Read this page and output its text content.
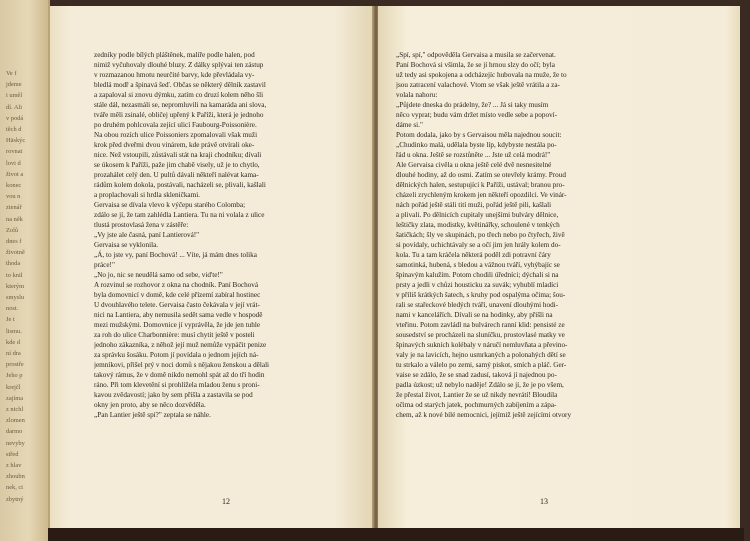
Ve f
jdeme
i uměl
dí. Ali
v podá
těch d
Häskýc
rovnat
lovi d
život a
konec
vou n
ztenář
na něk
Zolů
dnes f
životně
thoda
to knil
kterým
smyslu
nost.
Je t
lismu.
kde d
ní dra
prostře
Jeho p
krejčl
zajíma
z nichl
zlomen
darmo
nevyby
střed
z hlav
zhoubn
nek, ct
zbytný
zedníky podle bílých pláštěnek, malíře podle halen, pod
nimiž vyčuhovaly dlouhé bluzy. Z dálky splývai ten zástup
v rozmazanou hmotu neurčité barvy, kde převládala vy-
bledlá modř a špinavá šeď. Občas se některý dělník zastavil
a zapaloval si znovu dýmku, zatím co druzí kolem něho šli
stále dál, nezasmáli se, nepromluvili na kamaráda ani slova,
tváře měli zsinalé, obličej upřený k Paříži, která je jednoho
po druhém pohlcovala zející ulicí Faubourg-Poissonière.
Na obou rozích ulice Poissoniers zpomalovali však muži
krok před dveřmi dvou vinárem, kde právě otvírali oke-
nice. Než vstoupili, zůstávali stát na kraji chodníku; dívali
se úkosem k Paříži, paže jim chabě visely, už je to chytlo,
prozahálet celý den. U pultů dávali někteří nalévat kama-
rádům kolem dokola, postávali, nacházeli se, plivali, kašlali
a proplachovali si hrdla skleničkami.
Gervaisa se dívala vlevo k výčepu starého Colomba;
zdálo se jí, že tam zahlédla Lantiera. Tu na ni volala z ulice
tlustá prostovlasá žena v zástěře:
„Vy jste ale časná, paní Lantierová!"
Gervaisa se vyklonila.
„Á, to jste vy, paní Bochová! ... Víte, já mám dnes tolika
práce!"
„No jo, nic se neudělá samo od sebe, vid'te!"
A rozvinul se rozhovor z okna na chodník. Paní Bochová
byla domovnicí v domě, kde celé přízemí zabíral hostinec
U dvouhlavého telete. Gervaisa často čekávala v její vrát-
nici na Lantiera, aby nemusila sedět sama vedle v hospodě
mezi mužskými. Domovnice jí vyprávěla, že jde jen tuhle
za roh do ulice Charbonnière: musí chytit ještě v posteli
jednoho zákazníka, z něhož její muž nemůže vypáčit penize
za správku šosáku. Potom jí povídala o jednom jejích ná-
jemníkovi, přišel prý v noci domů s nějakou ženskou a dělali
takový rámus, že v domě nikdo nemohl spát až do tří hodin
ráno. Při tom klevetění si prohlížela mladou ženu s proni-
kavou zvědavostí; jako by sem přišla a zastavila se pod
okny jen proto, aby se něco dozvěděla.
„Pan Lantier ještě spí?" zeptala se náhle.
12
„Spí, spí," odpověděla Gervaisa a musila se začervenat.
Paní Bochová si všimla, že se jí hrnou slzy do očí; byla
už tedy asi spokojena a odcházejíc hubovala na muže, že to
jsou zatracení valachové. Vtom se však ještě vrátila a za-
volala nahoru:
„Půjdete dneska do prádelny, že? ... Já si taky musím
něco vyprat; budu vám držet místo vedle sebe a popoví-
dáme si."
Potom dodala, jako by s Gervaisou měla najednou soucit:
„Chudinko malá, udělala byste líp, kdybyste nestála po-
řád u okna. Ještě se rozstůněte ... Jste už celá modrá!"
Ale Gervaisa civěla u okna ještě celé dvě nesnesitelné
dlouhé hodiny, až do osmi. Zatím se otevřely krámy. Proud
dělnických halen, sestupující k Paříži, ustával; branou pro-
cházeli zrychleným krokem jen někteří opozdilci. Ve vinár-
nách pořád ještě stáli tití muži, pořád ještě pili, kašlali
a plivali. Po dělnicích cupitaly unejšími bulváry dělnice,
leštičky zlata, modistky, květinářky, schoulené v tenkých
šatičkách; šly ve skupinách, po třech nebo po čtyřech, živě
si povídaly, uchichtávaly se a očí jim jen hrály kolem do-
kola. Tu a tam kráčela některá poděl zdi potravní čáry
samotinká, hubená, s bledou a vážnou tváří, vyhýbajíc se
špinavým kalužím. Potom chodili úředníci; dýchali si na
prsty a jedli v chůzi housticku za suvák; vyhublí mladíci
v příliš krátkých šatech, s kruhy pod ospalýma očima; šou-
rali se stařeckové bledých tváří, unavení dlouhými hodi-
nami v kancelářích. Dívali se na hodinky, aby přišli na
vteřinu. Potom zavládl na bulvárech ranní klid: pensisté ze
sousedství se procházeli na sluníčku, prostovlasé matky ve
špinavých sukních kolébaly v náručí nemluvňata a převino-
valy je na lavicích, hejno usmrkaných a polonahých dětí se
tu strkalo a válelo po zemi, samý piskot, smích a pláč. Ger-
vaise se zdálo, že se snad zadusí, taková jí najednou po-
padla úzkost; už nebylo naděje! Zdálo se jí, že je po všem,
že přestal život, Lantier že se už nikdy nevrátí! Bloudila
očima od starých jatek, pochmurných zabíjením a zápa-
chem, až k nové bílé nemocnici, jejímiž ještě zejícími otvory
13
